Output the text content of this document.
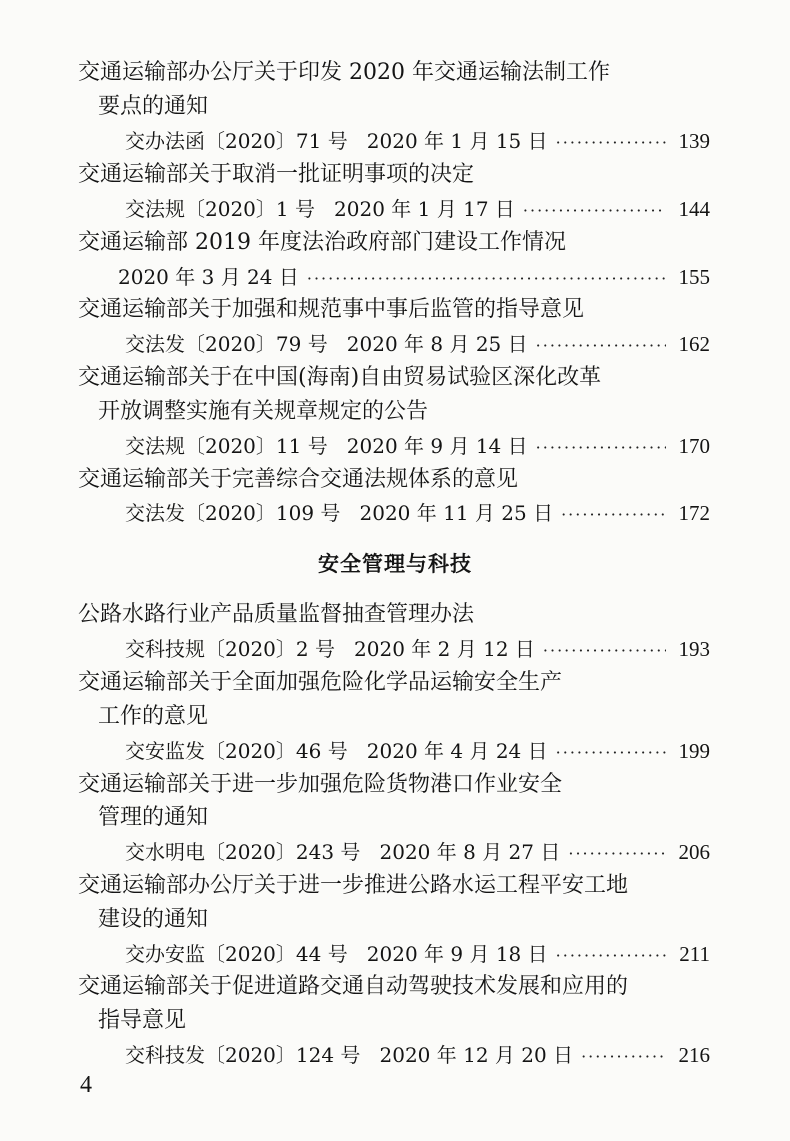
交通运输部办公厅关于印发 2020 年交通运输法制工作
要点的通知
交办法函〔2020〕71 号   2020 年 1 月 15 日 ·····	139
交通运输部关于取消一批证明事项的决定
交法规〔2020〕1 号   2020 年 1 月 17 日 ·····	144
交通运输部 2019 年度法治政府部门建设工作情况
2020 年 3 月 24 日 ·····	155
交通运输部关于加强和规范事中事后监管的指导意见
交法发〔2020〕79 号   2020 年 8 月 25 日 ·····	162
交通运输部关于在中国(海南)自由贸易试验区深化改革
开放调整实施有关规章规定的公告
交法规〔2020〕11 号   2020 年 9 月 14 日 ·····	170
交通运输部关于完善综合交通法规体系的意见
交法发〔2020〕109 号   2020 年 11 月 25 日 ·····	172
安全管理与科技
公路水路行业产品质量监督抽查管理办法
交科技规〔2020〕2 号   2020 年 2 月 12 日 ·····	193
交通运输部关于全面加强危险化学品运输安全生产
工作的意见
交安监发〔2020〕46 号   2020 年 4 月 24 日 ·····	199
交通运输部关于进一步加强危险货物港口作业安全
管理的通知
交水明电〔2020〕243 号   2020 年 8 月 27 日 ·····	206
交通运输部办公厅关于进一步推进公路水运工程平安工地
建设的通知
交办安监〔2020〕44 号   2020 年 9 月 18 日 ·····	211
交通运输部关于促进道路交通自动驾驶技术发展和应用的
指导意见
交科技发〔2020〕124 号   2020 年 12 月 20 日 ·····	216
4
